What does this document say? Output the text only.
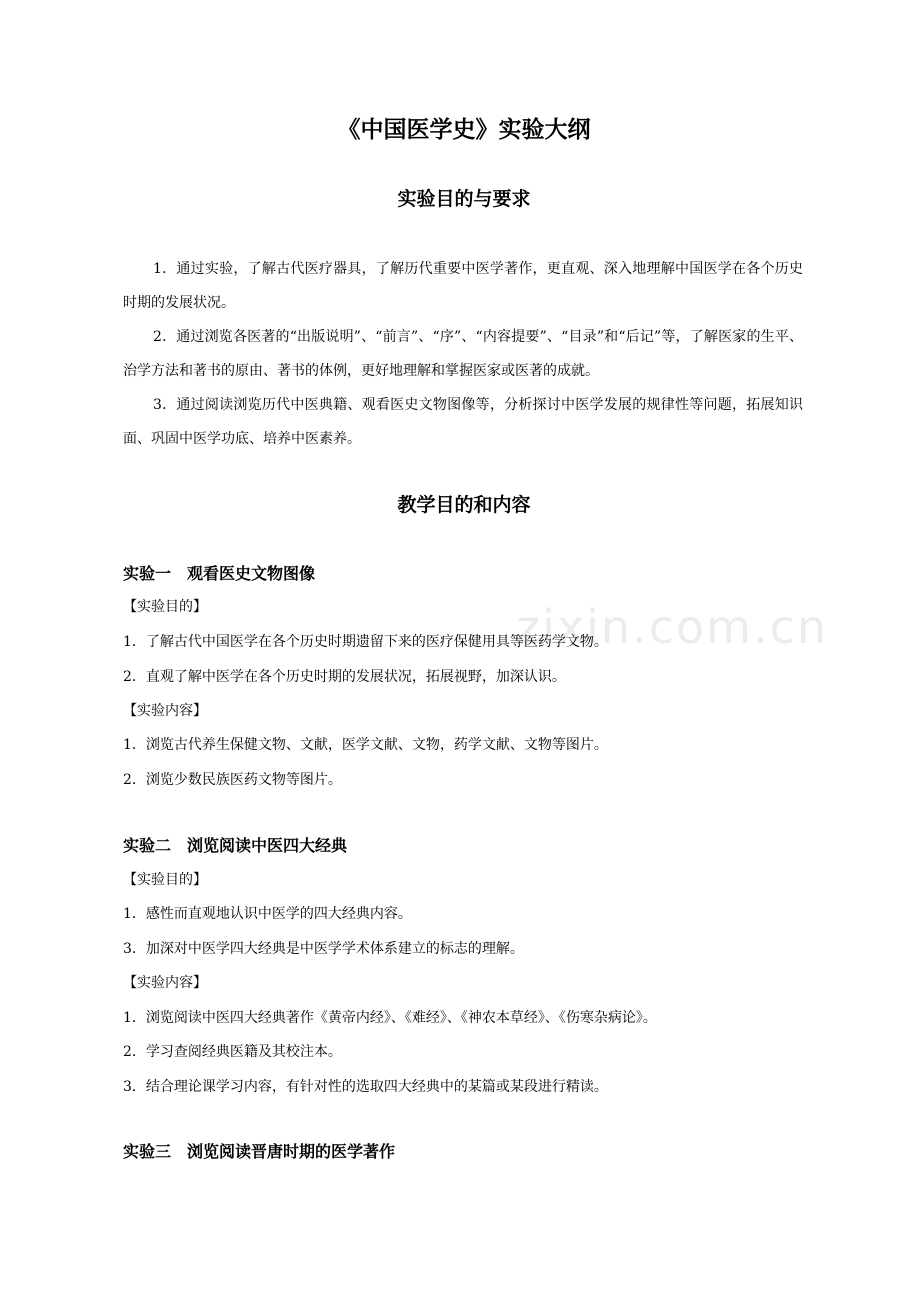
zixin.com.cn
《中国医学史》实验大纲
实验目的与要求

1．通过实验，了解古代医疗器具，了解历代重要中医学著作，更直观、深入地理解中国医学在各个历史时期的发展状况。

2．通过浏览各医著的“出版说明”、“前言”、“序”、“内容提要”、“目录”和“后记”等，了解医家的生平、治学方法和著书的原由、著书的体例，更好地理解和掌握医家或医著的成就。

3．通过阅读浏览历代中医典籍、观看医史文物图像等，分析探讨中医学发展的规律性等问题，拓展知识面、巩固中医学功底、培养中医素养。

教学目的和内容
实验一　观看医史文物图像
【实验目的】
1．了解古代中国医学在各个历史时期遗留下来的医疗保健用具等医药学文物。
2．直观了解中医学在各个历史时期的发展状况，拓展视野，加深认识。
【实验内容】
1．浏览古代养生保健文物、文献，医学文献、文物，药学文献、文物等图片。
2．浏览少数民族医药文物等图片。
实验二　浏览阅读中医四大经典
【实验目的】
1．感性而直观地认识中医学的四大经典内容。
3．加深对中医学四大经典是中医学学术体系建立的标志的理解。
【实验内容】
1．浏览阅读中医四大经典著作《黄帝内经》、《难经》、《神农本草经》、《伤寒杂病论》。
2．学习查阅经典医籍及其校注本。
3．结合理论课学习内容，有针对性的选取四大经典中的某篇或某段进行精读。
实验三　浏览阅读晋唐时期的医学著作
